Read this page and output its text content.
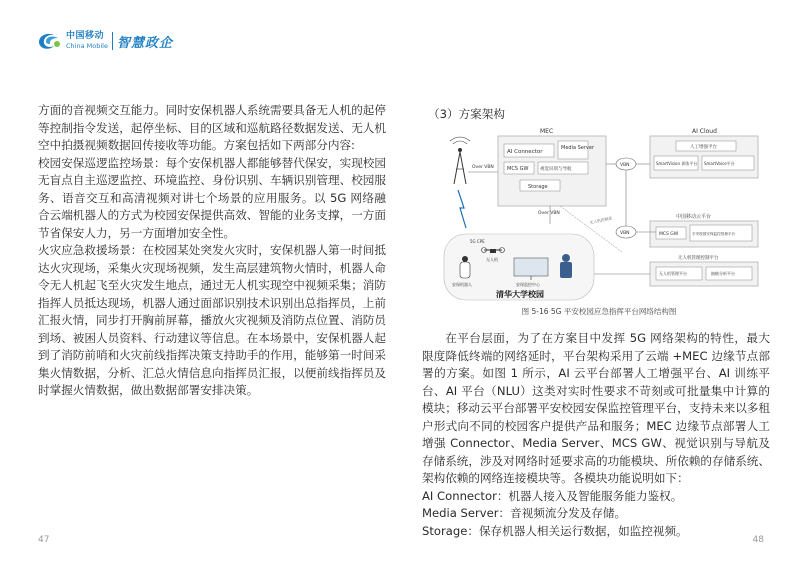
中国移动
China Mobile 智慧政企

方面的音视频交互能力。同时安保机器人系统需要具备无人机的起停等控制指令发送，起停坐标、目的区域和巡航路径数据发送、无人机空中拍摄视频数据回传接收等功能。方案包括如下两部分内容:

校园安保巡逻监控场景：每个安保机器人都能够替代保安，实现校园无盲点自主巡逻监控、环境监控、身份识别、车辆识别管理、校园服务、语音交互和高清视频对讲七个场景的应用服务。以 5G 网络融合云端机器人的方式为校园安保提供高效、智能的业务支撑，一方面节省保安人力，另一方面增加安全性。

火灾应急救援场景：在校园某处突发火灾时，安保机器人第一时间抵达火灾现场，采集火灾现场视频，发生高层建筑物火情时，机器人命令无人机起飞至火灾发生地点，通过无人机实现空中视频采集；消防指挥人员抵达现场，机器人通过面部识别技术识别出总指挥员，上前汇报火情，同步打开胸前屏幕，播放火灾视频及消防点位置、消防员到场、被困人员资料、行动建议等信息。在本场景中，安保机器人起到了消防前哨和火灾前线指挥决策支持助手的作用，能够第一时间采集火情数据，分析、汇总火情信息向指挥员汇报，以便前线指挥员及时掌握火情数据，做出数据部署安排决策。

（3）方案架构
MEC
AI Connector
Media Server
MCS GW	视觉识别与导航
Storage
VBN
AI Cloud
人工增强平台
SmartVision 训练平台 SmartVoice平台
中国移动云平台
MCS GW	平安校园安保监控管理平台
VBN
无人机管理控制平台
无人机管理平台	抽帧分析平台
Over VBN
Over VBN
无人机控制流
5G CPE
无人机
安保机器人	安保监控中心
清华大学校园
图 5-16 5G 平安校园应急指挥平台网络结构图

在平台层面，为了在方案目中发挥 5G 网络架构的特性，最大限度降低终端的网络延时，平台架构采用了云端 +MEC 边缘节点部署的方案。如图 1 所示，AI 云平台部署人工增强平台、AI 训练平台、AI 平台（NLU）这类对实时性要求不苛刻或可批量集中计算的模块；移动云平台部署平安校园安保监控管理平台，支持未来以多租户形式向不同的校园客户提供产品和服务；MEC 边缘节点部署人工增强 Connector、Media Server、MCS GW、视觉识别与导航及存储系统，涉及对网络时延要求高的功能模块、所依赖的存储系统、架构依赖的网络连接模块等。各模块功能说明如下：

AI Connector：机器人接入及智能服务能力鉴权。

Media Server：音视频流分发及存储。

Storage：保存机器人相关运行数据，如监控视频。

47	48
